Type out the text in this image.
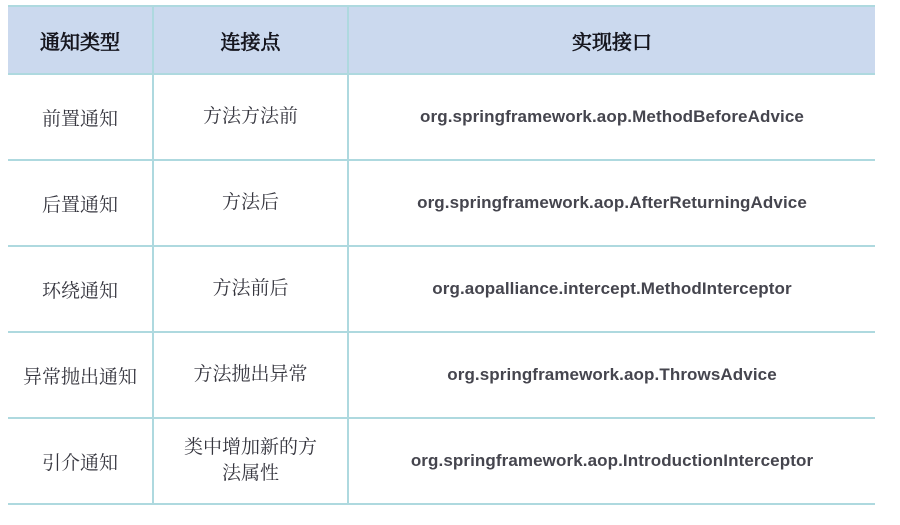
通知类型	连接点	实现接口
前置通知	方法方法前	org.springframework.aop.MethodBeforeAdvice
后置通知	方法后	org.springframework.aop.AfterReturningAdvice
环绕通知	方法前后	org.aopalliance.intercept.MethodInterceptor
异常抛出通知	方法抛出异常	org.springframework.aop.ThrowsAdvice
引介通知	类中增加新的方法属性	org.springframework.aop.IntroductionInterceptor
